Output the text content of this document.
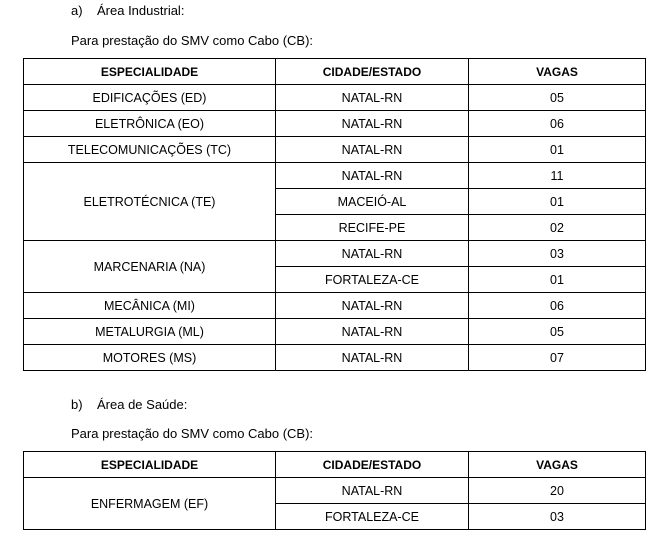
a) Área Industrial:
Para prestação do SMV como Cabo (CB):
ESPECIALIDADE	CIDADE/ESTADO	VAGAS
EDIFICAÇÕES (ED)	NATAL-RN	05
ELETRÔNICA (EO)	NATAL-RN	06
TELECOMUNICAÇÕES (TC)	NATAL-RN	01
ELETROTÉCNICA (TE)	NATAL-RN	11
	MACEIÓ-AL	01
	RECIFE-PE	02
MARCENARIA (NA)	NATAL-RN	03
	FORTALEZA-CE	01
MECÂNICA (MI)	NATAL-RN	06
METALURGIA (ML)	NATAL-RN	05
MOTORES (MS)	NATAL-RN	07
b) Área de Saúde:
Para prestação do SMV como Cabo (CB):
ESPECIALIDADE	CIDADE/ESTADO	VAGAS
ENFERMAGEM (EF)	NATAL-RN	20
	FORTALEZA-CE	03
